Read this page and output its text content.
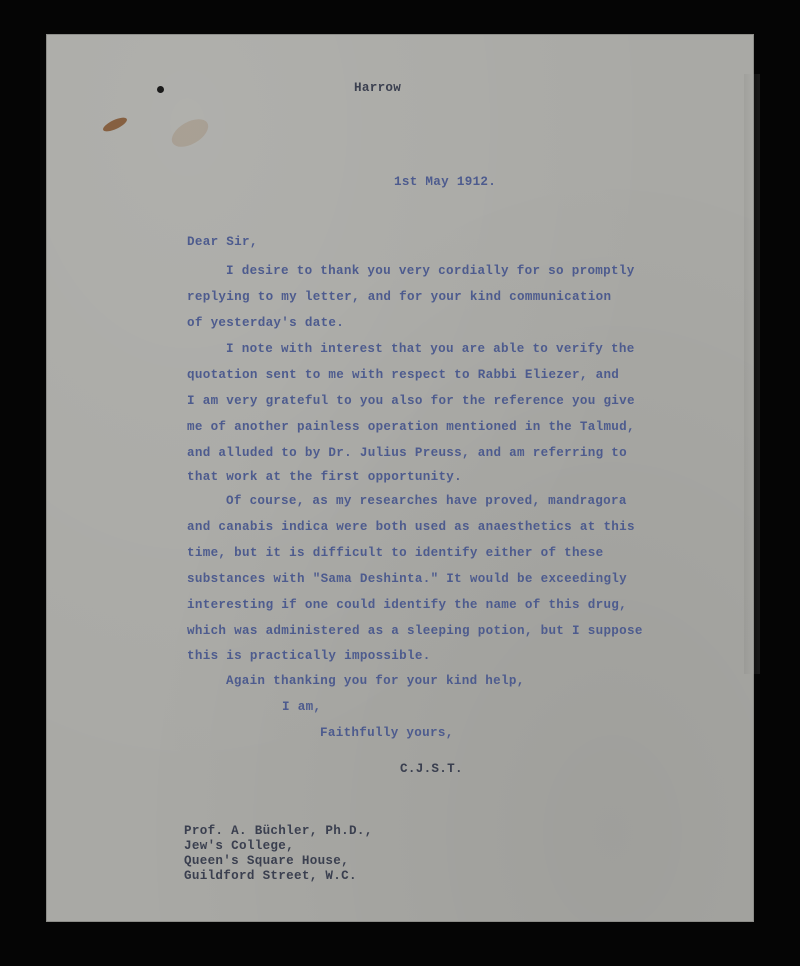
Harrow

1st May 1912.

Dear Sir,

I desire to thank you very cordially for so promptly

replying to my letter, and for your kind communication

of yesterday's date.

I note with interest that you are able to verify the

quotation sent to me with respect to Rabbi Eliezer, and

I am very grateful to you also for the reference you give

me of another painless operation mentioned in the Talmud,

and alluded to by Dr. Julius Preuss, and am referring to

that work at the first opportunity.

Of course, as my researches have proved, mandragora

and canabis indica were both used as anaesthetics at this

time, but it is difficult to identify either of these

substances with "Sama Deshinta." It would be exceedingly

interesting if one could identify the name of this drug,

which was administered as a sleeping potion, but I suppose

this is practically impossible.

Again thanking you for your kind help,

I am,

Faithfully yours,

C.J.S.T.

Prof. A. Büchler, Ph.D.,

Jew's College,

Queen's Square House,

Guildford Street, W.C.
